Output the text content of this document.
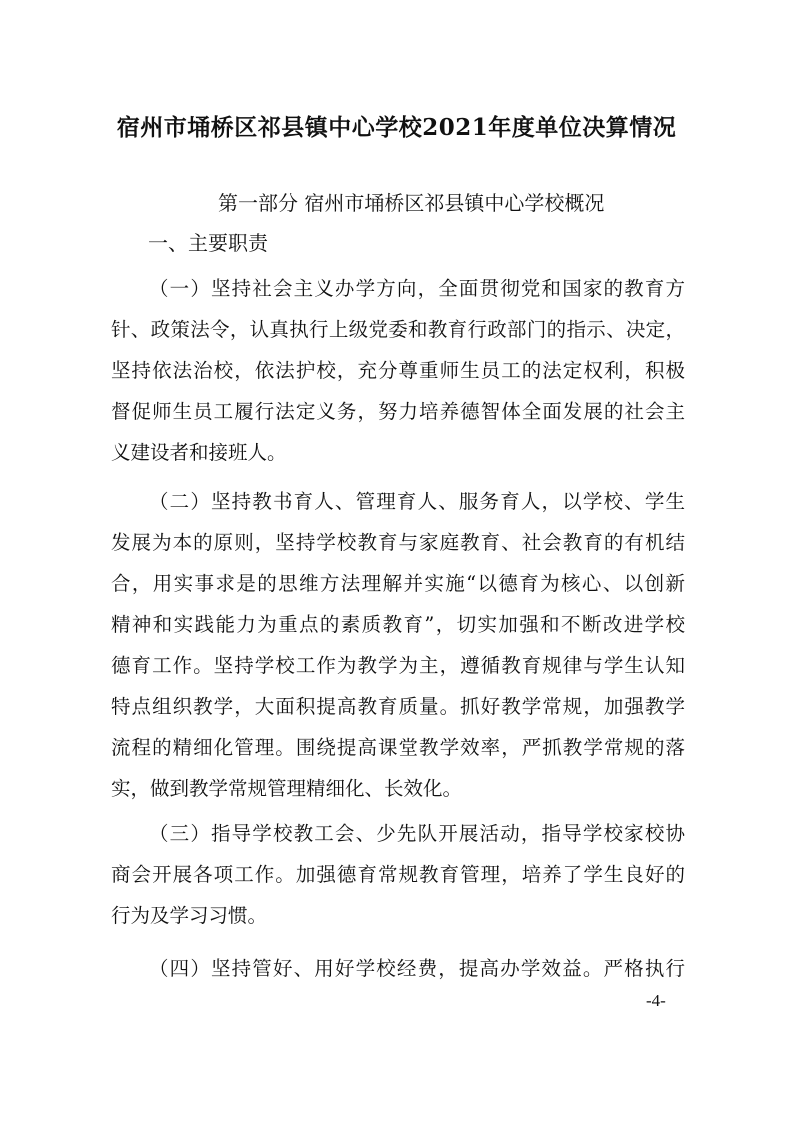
宿州市埇桥区祁县镇中心学校2021年度单位决算情况
第一部分 宿州市埇桥区祁县镇中心学校概况
一、主要职责
（一）坚持社会主义办学方向，全面贯彻党和国家的教育方
针、政策法令，认真执行上级党委和教育行政部门的指示、决定，
坚持依法治校，依法护校，充分尊重师生员工的法定权利，积极
督促师生员工履行法定义务，努力培养德智体全面发展的社会主
义建设者和接班人。
（二）坚持教书育人、管理育人、服务育人，以学校、学生
发展为本的原则，坚持学校教育与家庭教育、社会教育的有机结
合，用实事求是的思维方法理解并实施“以德育为核心、以创新
精神和实践能力为重点的素质教育”，切实加强和不断改进学校
德育工作。坚持学校工作为教学为主，遵循教育规律与学生认知
特点组织教学，大面积提高教育质量。抓好教学常规，加强教学
流程的精细化管理。围绕提高课堂教学效率，严抓教学常规的落
实，做到教学常规管理精细化、长效化。
（三）指导学校教工会、少先队开展活动，指导学校家校协
商会开展各项工作。加强德育常规教育管理，培养了学生良好的
行为及学习习惯。
（四）坚持管好、用好学校经费，提高办学效益。严格执行
-4-
